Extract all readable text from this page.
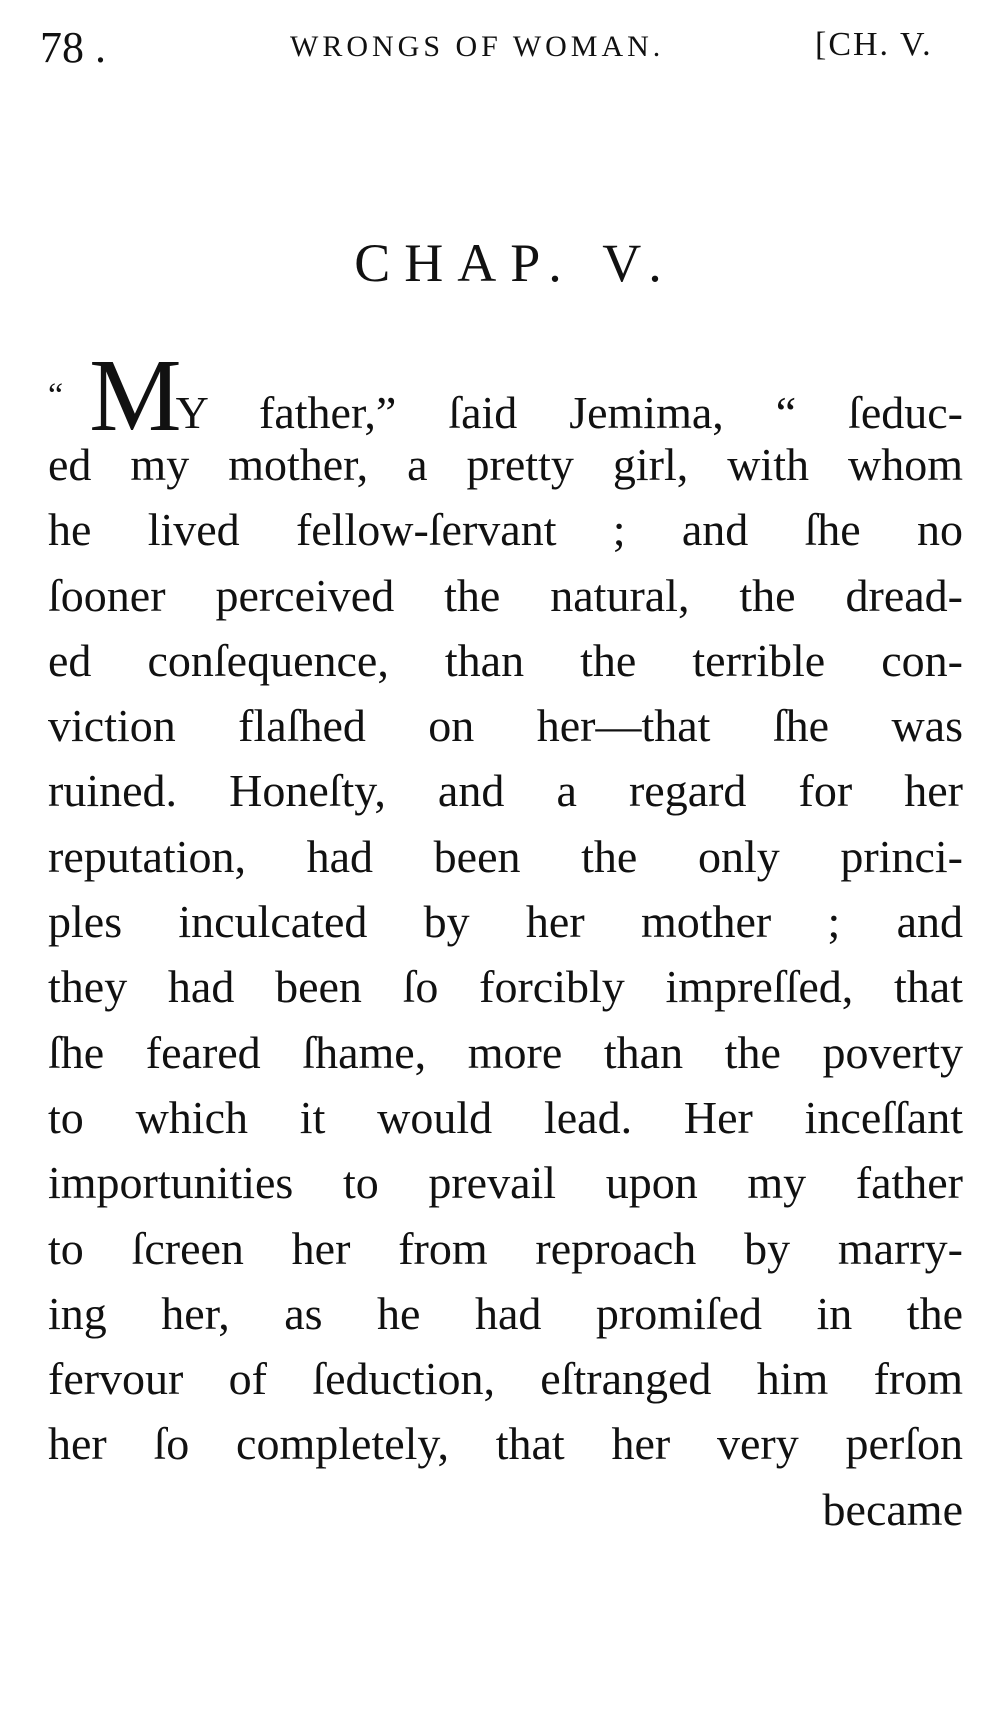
78 .	WRONGS OF WOMAN.	[CH. V.
CHAP. V.
“ MY father,” ſaid Jemima, “ ſeduc-
ed my mother, a pretty girl, with whom
he lived fellow-ſervant ; and ſhe no
ſooner perceived the natural, the dread-
ed conſequence, than the terrible con-
viction flaſhed on her—that ſhe was
ruined. Honeſty, and a regard for her
reputation, had been the only princi-
ples inculcated by her mother ; and
they had been ſo forcibly impreſſed, that
ſhe feared ſhame, more than the poverty
to which it would lead. Her inceſſant
importunities to prevail upon my father
to ſcreen her from reproach by marry-
ing her, as he had promiſed in the
fervour of ſeduction, eſtranged him from
her ſo completely, that her very perſon
became
